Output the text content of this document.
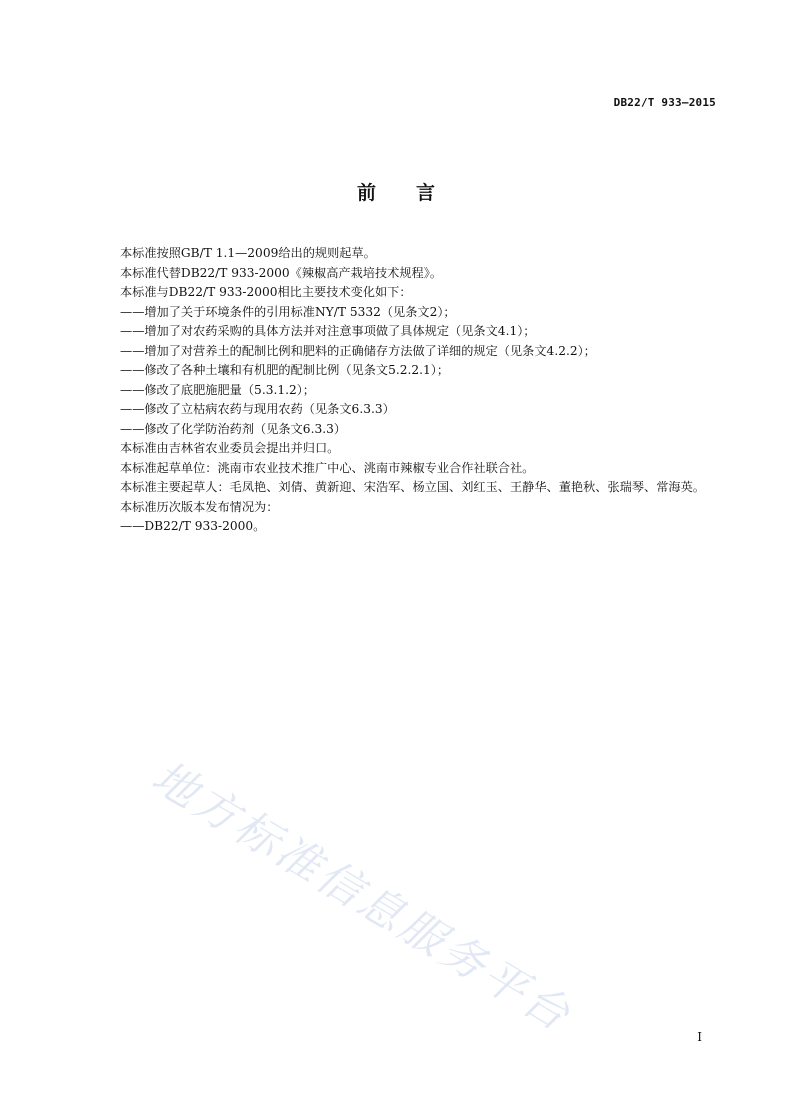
DB22/T 933—2015
前 言

本标准按照GB/T 1.1—2009给出的规则起草。

本标准代替DB22/T 933-2000《辣椒高产栽培技术规程》。

本标准与DB22/T 933-2000相比主要技术变化如下：

——增加了关于环境条件的引用标准NY/T 5332（见条文2）；

——增加了对农药采购的具体方法并对注意事项做了具体规定（见条文4.1）；

——增加了对营养土的配制比例和肥料的正确储存方法做了详细的规定（见条文4.2.2）；

——修改了各种土壤和有机肥的配制比例（见条文5.2.2.1）；

——修改了底肥施肥量（5.3.1.2）；

——修改了立枯病农药与现用农药（见条文6.3.3）

——修改了化学防治药剂（见条文6.3.3）

本标准由吉林省农业委员会提出并归口。

本标准起草单位：洮南市农业技术推广中心、洮南市辣椒专业合作社联合社。

本标准主要起草人：毛凤艳、刘倩、黄新迎、宋浩军、杨立国、刘红玉、王静华、董艳秋、张瑞琴、常海英。

本标准历次版本发布情况为：

——DB22/T 933-2000。

地方标准信息服务平台	I
